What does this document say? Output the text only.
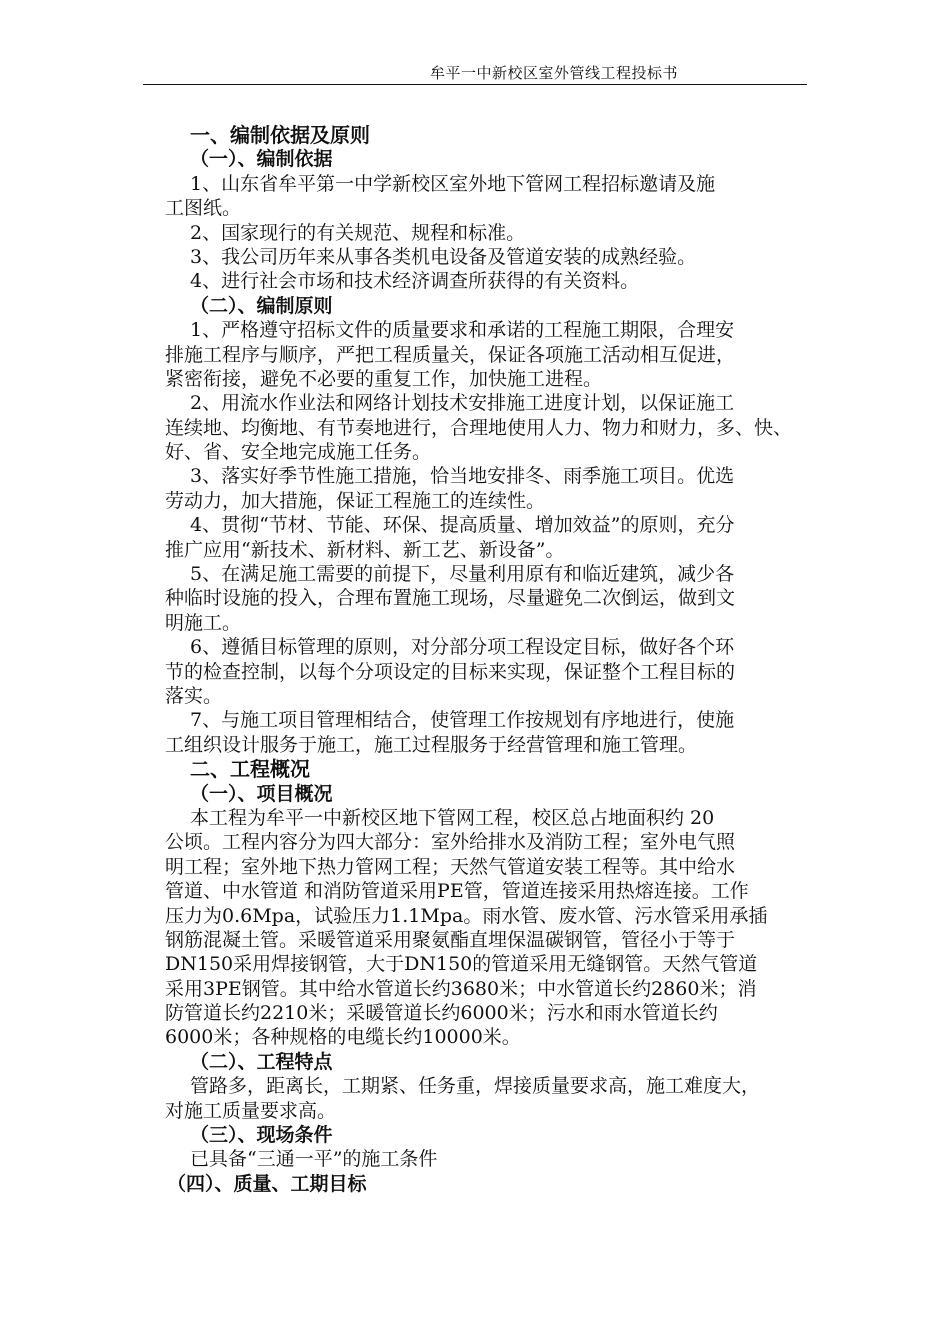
牟平一中新校区室外管线工程投标书
一、编制依据及原则
（一）、编制依据
1、山东省牟平第一中学新校区室外地下管网工程招标邀请及施
工图纸。
2、国家现行的有关规范、规程和标准。
3、我公司历年来从事各类机电设备及管道安装的成熟经验。
4、进行社会市场和技术经济调查所获得的有关资料。
（二）、编制原则
1、严格遵守招标文件的质量要求和承诺的工程施工期限，合理安
排施工程序与顺序，严把工程质量关，保证各项施工活动相互促进，
紧密衔接，避免不必要的重复工作，加快施工进程。
2、用流水作业法和网络计划技术安排施工进度计划，以保证施工
连续地、均衡地、有节奏地进行，合理地使用人力、物力和财力，多、快、
好、省、安全地完成施工任务。
3、落实好季节性施工措施，恰当地安排冬、雨季施工项目。优选
劳动力，加大措施，保证工程施工的连续性。
4、贯彻“节材、节能、环保、提高质量、增加效益”的原则，充分
推广应用“新技术、新材料、新工艺、新设备”。
5、在满足施工需要的前提下，尽量利用原有和临近建筑，减少各
种临时设施的投入，合理布置施工现场，尽量避免二次倒运，做到文
明施工。
6、遵循目标管理的原则，对分部分项工程设定目标，做好各个环
节的检查控制，以每个分项设定的目标来实现，保证整个工程目标的
落实。
7、与施工项目管理相结合，使管理工作按规划有序地进行，使施
工组织设计服务于施工，施工过程服务于经营管理和施工管理。
二、工程概况
（一）、项目概况
本工程为牟平一中新校区地下管网工程，校区总占地面积约 20
公顷。工程内容分为四大部分：室外给排水及消防工程；室外电气照
明工程；室外地下热力管网工程；天然气管道安装工程等。其中给水
管道、中水管道 和消防管道采用PE管，管道连接采用热熔连接。工作
压力为0.6Mpa，试验压力1.1Mpa。雨水管、废水管、污水管采用承插
钢筋混凝土管。采暖管道采用聚氨酯直埋保温碳钢管，管径小于等于
DN150采用焊接钢管，大于DN150的管道采用无缝钢管。天然气管道
采用3PE钢管。其中给水管道长约3680米；中水管道长约2860米；消
防管道长约2210米；采暖管道长约6000米；污水和雨水管道长约
6000米；各种规格的电缆长约10000米。
（二）、工程特点
管路多，距离长，工期紧、任务重，焊接质量要求高，施工难度大，
对施工质量要求高。
（三）、现场条件
已具备“三通一平”的施工条件
（四）、质量、工期目标
